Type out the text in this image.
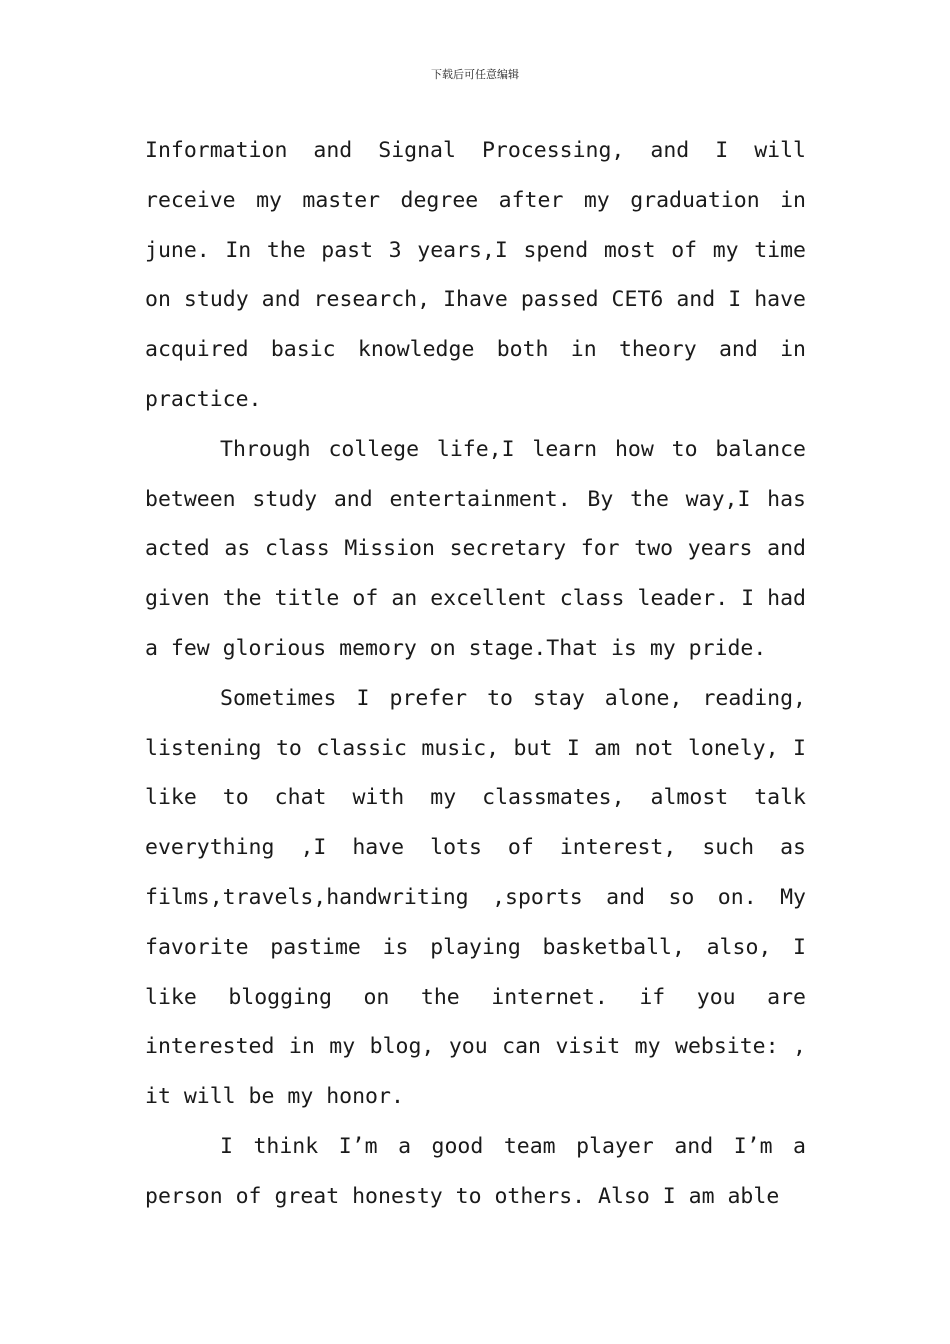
下载后可任意编辑

Information and Signal Processing, and I will receive my master degree after my graduation in june. In the past 3 years,I spend most of my time on study and research, Ihave passed CET6 and I have acquired basic knowledge both in theory and in practice.

Through college life,I learn how to balance between study and entertainment. By the way,I has acted as class Mission secretary for two years and given the title of an excellent class leader. I had a few glorious memory on stage.That is my pride.

Sometimes I prefer to stay alone, reading, listening to classic music, but I am not lonely, I like to chat with my classmates, almost talk everything ,I have lots of interest, such as films,travels,handwriting ,sports and so on. My favorite pastime is playing basketball, also, I like blogging on the internet. if you are interested in my blog, you can visit my website: , it will be my honor.

I think I’m a good team player and I’m a person of great honesty to others. Also I am able
